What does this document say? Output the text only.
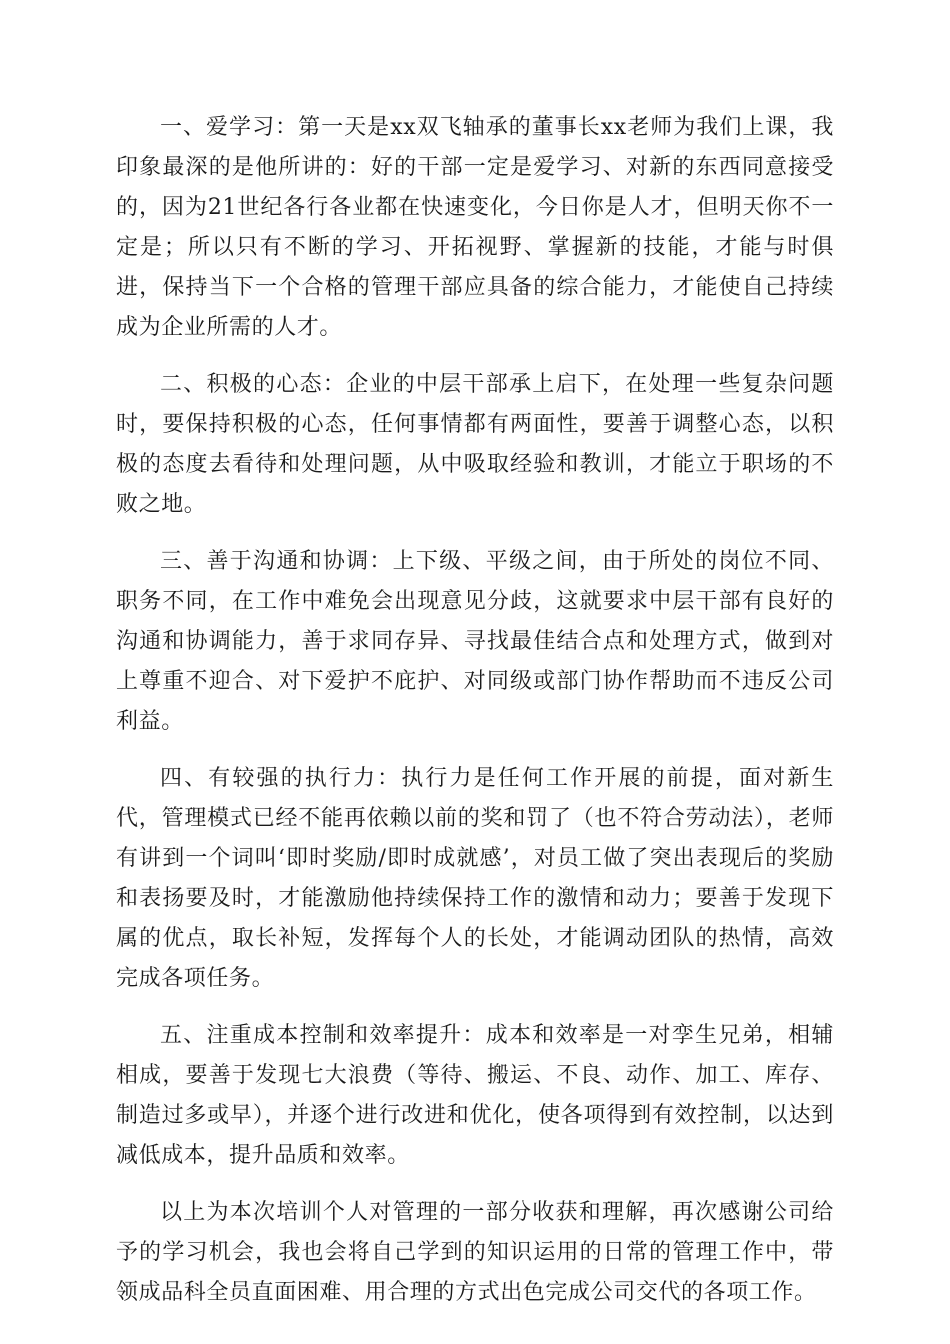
一、爱学习：第一天是xx双飞轴承的董事长xx老师为我们上课，我印象最深的是他所讲的：好的干部一定是爱学习、对新的东西同意接受的，因为21世纪各行各业都在快速变化，今日你是人才，但明天你不一定是；所以只有不断的学习、开拓视野、掌握新的技能，才能与时俱进，保持当下一个合格的管理干部应具备的综合能力，才能使自己持续成为企业所需的人才。

二、积极的心态：企业的中层干部承上启下，在处理一些复杂问题时，要保持积极的心态，任何事情都有两面性，要善于调整心态，以积极的态度去看待和处理问题，从中吸取经验和教训，才能立于职场的不败之地。

三、善于沟通和协调：上下级、平级之间，由于所处的岗位不同、职务不同，在工作中难免会出现意见分歧，这就要求中层干部有良好的沟通和协调能力，善于求同存异、寻找最佳结合点和处理方式，做到对上尊重不迎合、对下爱护不庇护、对同级或部门协作帮助而不违反公司利益。

四、有较强的执行力：执行力是任何工作开展的前提，面对新生代，管理模式已经不能再依赖以前的奖和罚了（也不符合劳动法），老师有讲到一个词叫‘即时奖励/即时成就感’，对员工做了突出表现后的奖励和表扬要及时，才能激励他持续保持工作的激情和动力；要善于发现下属的优点，取长补短，发挥每个人的长处，才能调动团队的热情，高效完成各项任务。

五、注重成本控制和效率提升：成本和效率是一对孪生兄弟，相辅相成，要善于发现七大浪费（等待、搬运、不良、动作、加工、库存、制造过多或早），并逐个进行改进和优化，使各项得到有效控制，以达到减低成本，提升品质和效率。

以上为本次培训个人对管理的一部分收获和理解，再次感谢公司给予的学习机会，我也会将自己学到的知识运用的日常的管理工作中，带领成品科全员直面困难、用合理的方式出色完成公司交代的各项工作。
